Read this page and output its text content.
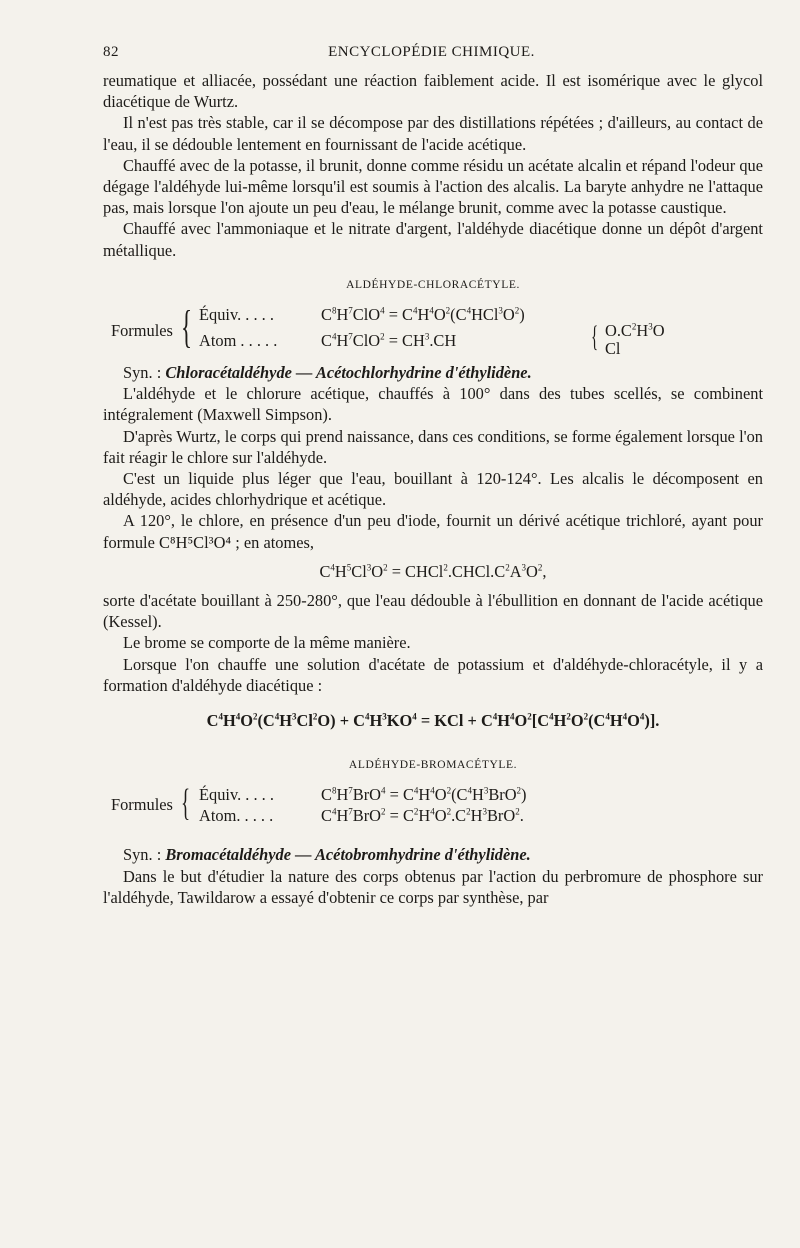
82	ENCYCLOPÉDIE CHIMIQUE.

reumatique et alliacée, possédant une réaction faiblement acide. Il est isomérique avec le glycol diacétique de Wurtz.

Il n'est pas très stable, car il se décompose par des distillations répétées ; d'ailleurs, au contact de l'eau, il se dédouble lentement en fournissant de l'acide acétique.

Chauffé avec de la potasse, il brunit, donne comme résidu un acétate alcalin et répand l'odeur que dégage l'aldéhyde lui-même lorsqu'il est soumis à l'action des alcalis. La baryte anhydre ne l'attaque pas, mais lorsque l'on ajoute un peu d'eau, le mélange brunit, comme avec la potasse caustique.

Chauffé avec l'ammoniaque et le nitrate d'argent, l'aldéhyde diacétique donne un dépôt d'argent métallique.

ALDÉHYDE-CHLORACÉTYLE.
Formules { Équiv. . . . .	$C^8H^7ClO^4 = C^4H^4O^2(C^4HCl^3O^2)$
Atom . . . . .	$C^4H^7ClO^2 = CH^3.CH$	{ $O.C^2H^3O$
Cl

Syn. : Chloracétaldéhyde — Acétochlorhydrine d'éthylidène.

L'aldéhyde et le chlorure acétique, chauffés à 100° dans des tubes scellés, se combinent intégralement (Maxwell Simpson).

D'après Wurtz, le corps qui prend naissance, dans ces conditions, se forme également lorsque l'on fait réagir le chlore sur l'aldéhyde.

C'est un liquide plus léger que l'eau, bouillant à 120-124°. Les alcalis le décomposent en aldéhyde, acides chlorhydrique et acétique.

A 120°, le chlore, en présence d'un peu d'iode, fournit un dérivé acétique trichloré, ayant pour formule C⁸H⁵Cl³O⁴ ; en atomes,

$C^4H^5Cl^3O^2$ = $CHCl^2.CHCl.C^2A^3O^2$,

sorte d'acétate bouillant à 250-280°, que l'eau dédouble à l'ébullition en donnant de l'acide acétique (Kessel).

Le brome se comporte de la même manière.

Lorsque l'on chauffe une solution d'acétate de potassium et d'aldéhyde-chloracétyle, il y a formation d'aldéhyde diacétique :

$C^4H^4O^2(C^4H^3Cl^2O) + C^4H^3KO^4$ = KCl + $C^4H^4O^2[C^4H^2O^2(C^4H^4O^4)]$.
ALDÉHYDE-BROMACÉTYLE.
Formules { Équiv. . . . .	$C^8H^7BrO^4 = C^4H^4O^2(C^4H^3BrO^2)$
Atom. . . . .	$C^4H^7BrO^2 = C^2H^4O^2.C^2H^3BrO^2$.

Syn. : Bromacétaldéhyde — Acétobromhydrine d'éthylidène.

Dans le but d'étudier la nature des corps obtenus par l'action du perbromure de phosphore sur l'aldéhyde, Tawildarow a essayé d'obtenir ce corps par synthèse, par
